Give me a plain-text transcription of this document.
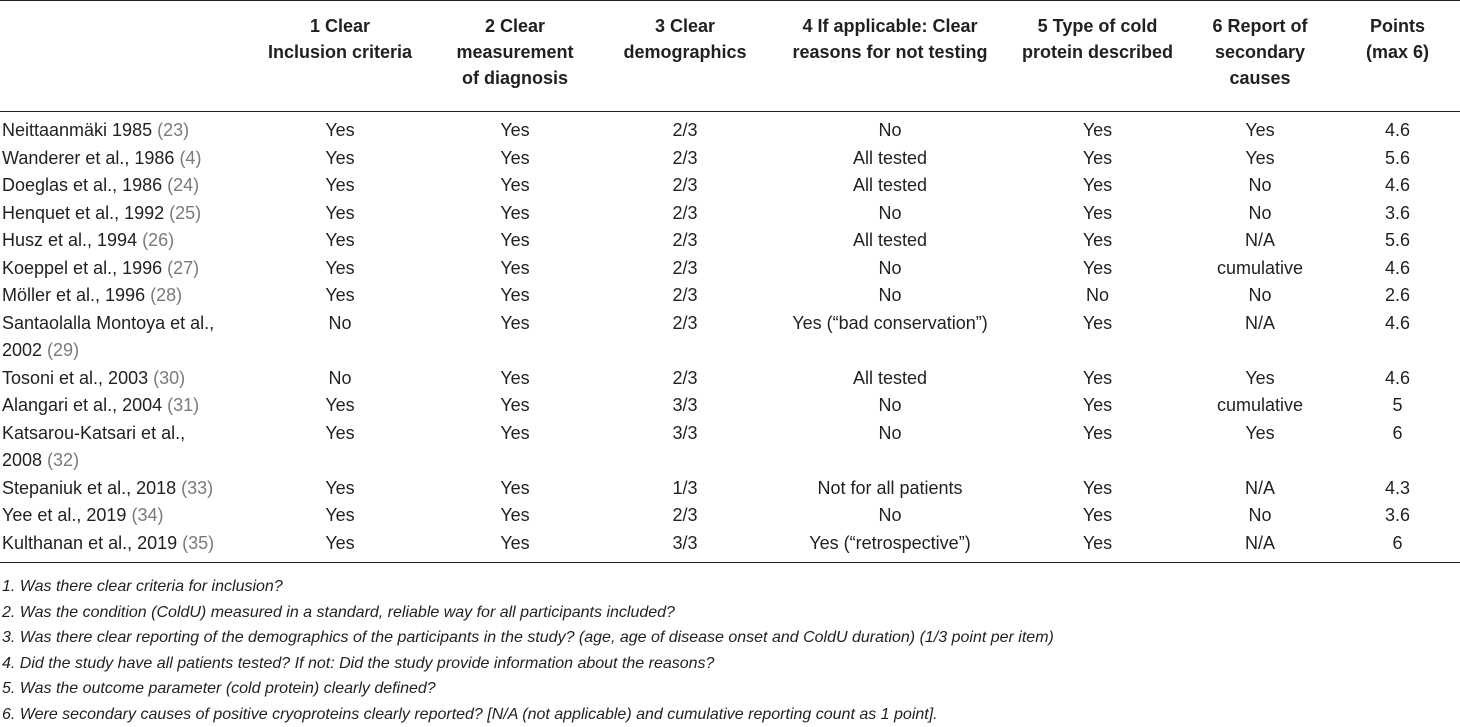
	1 Clear
Inclusion criteria	2 Clear
measurement
of diagnosis	3 Clear
demographics	4 If applicable: Clear
reasons for not testing	5 Type of cold
protein described	6 Report of
secondary
causes	Points
(max 6)
Neittaanmäki 1985 (23)	Yes	Yes	2/3	No	Yes	Yes	4.6
Wanderer et al., 1986 (4)	Yes	Yes	2/3	All tested	Yes	Yes	5.6
Doeglas et al., 1986 (24)	Yes	Yes	2/3	All tested	Yes	No	4.6
Henquet et al., 1992 (25)	Yes	Yes	2/3	No	Yes	No	3.6
Husz et al., 1994 (26)	Yes	Yes	2/3	All tested	Yes	N/A	5.6
Koeppel et al., 1996 (27)	Yes	Yes	2/3	No	Yes	cumulative	4.6
Möller et al., 1996 (28)	Yes	Yes	2/3	No	No	No	2.6
Santaolalla Montoya et al.,
2002 (29)	No	Yes	2/3	Yes (“bad conservation”)	Yes	N/A	4.6
Tosoni et al., 2003 (30)	No	Yes	2/3	All tested	Yes	Yes	4.6
Alangari et al., 2004 (31)	Yes	Yes	3/3	No	Yes	cumulative	5
Katsarou-Katsari et al.,
2008 (32)	Yes	Yes	3/3	No	Yes	Yes	6
Stepaniuk et al., 2018 (33)	Yes	Yes	1/3	Not for all patients	Yes	N/A	4.3
Yee et al., 2019 (34)	Yes	Yes	2/3	No	Yes	No	3.6
Kulthanan et al., 2019 (35)	Yes	Yes	3/3	Yes (“retrospective”)	Yes	N/A	6
1. Was there clear criteria for inclusion?
2. Was the condition (ColdU) measured in a standard, reliable way for all participants included?
3. Was there clear reporting of the demographics of the participants in the study? (age, age of disease onset and ColdU duration) (1/3 point per item)
4. Did the study have all patients tested? If not: Did the study provide information about the reasons?
5. Was the outcome parameter (cold protein) clearly defined?
6. Were secondary causes of positive cryoproteins clearly reported? [N/A (not applicable) and cumulative reporting count as 1 point].
